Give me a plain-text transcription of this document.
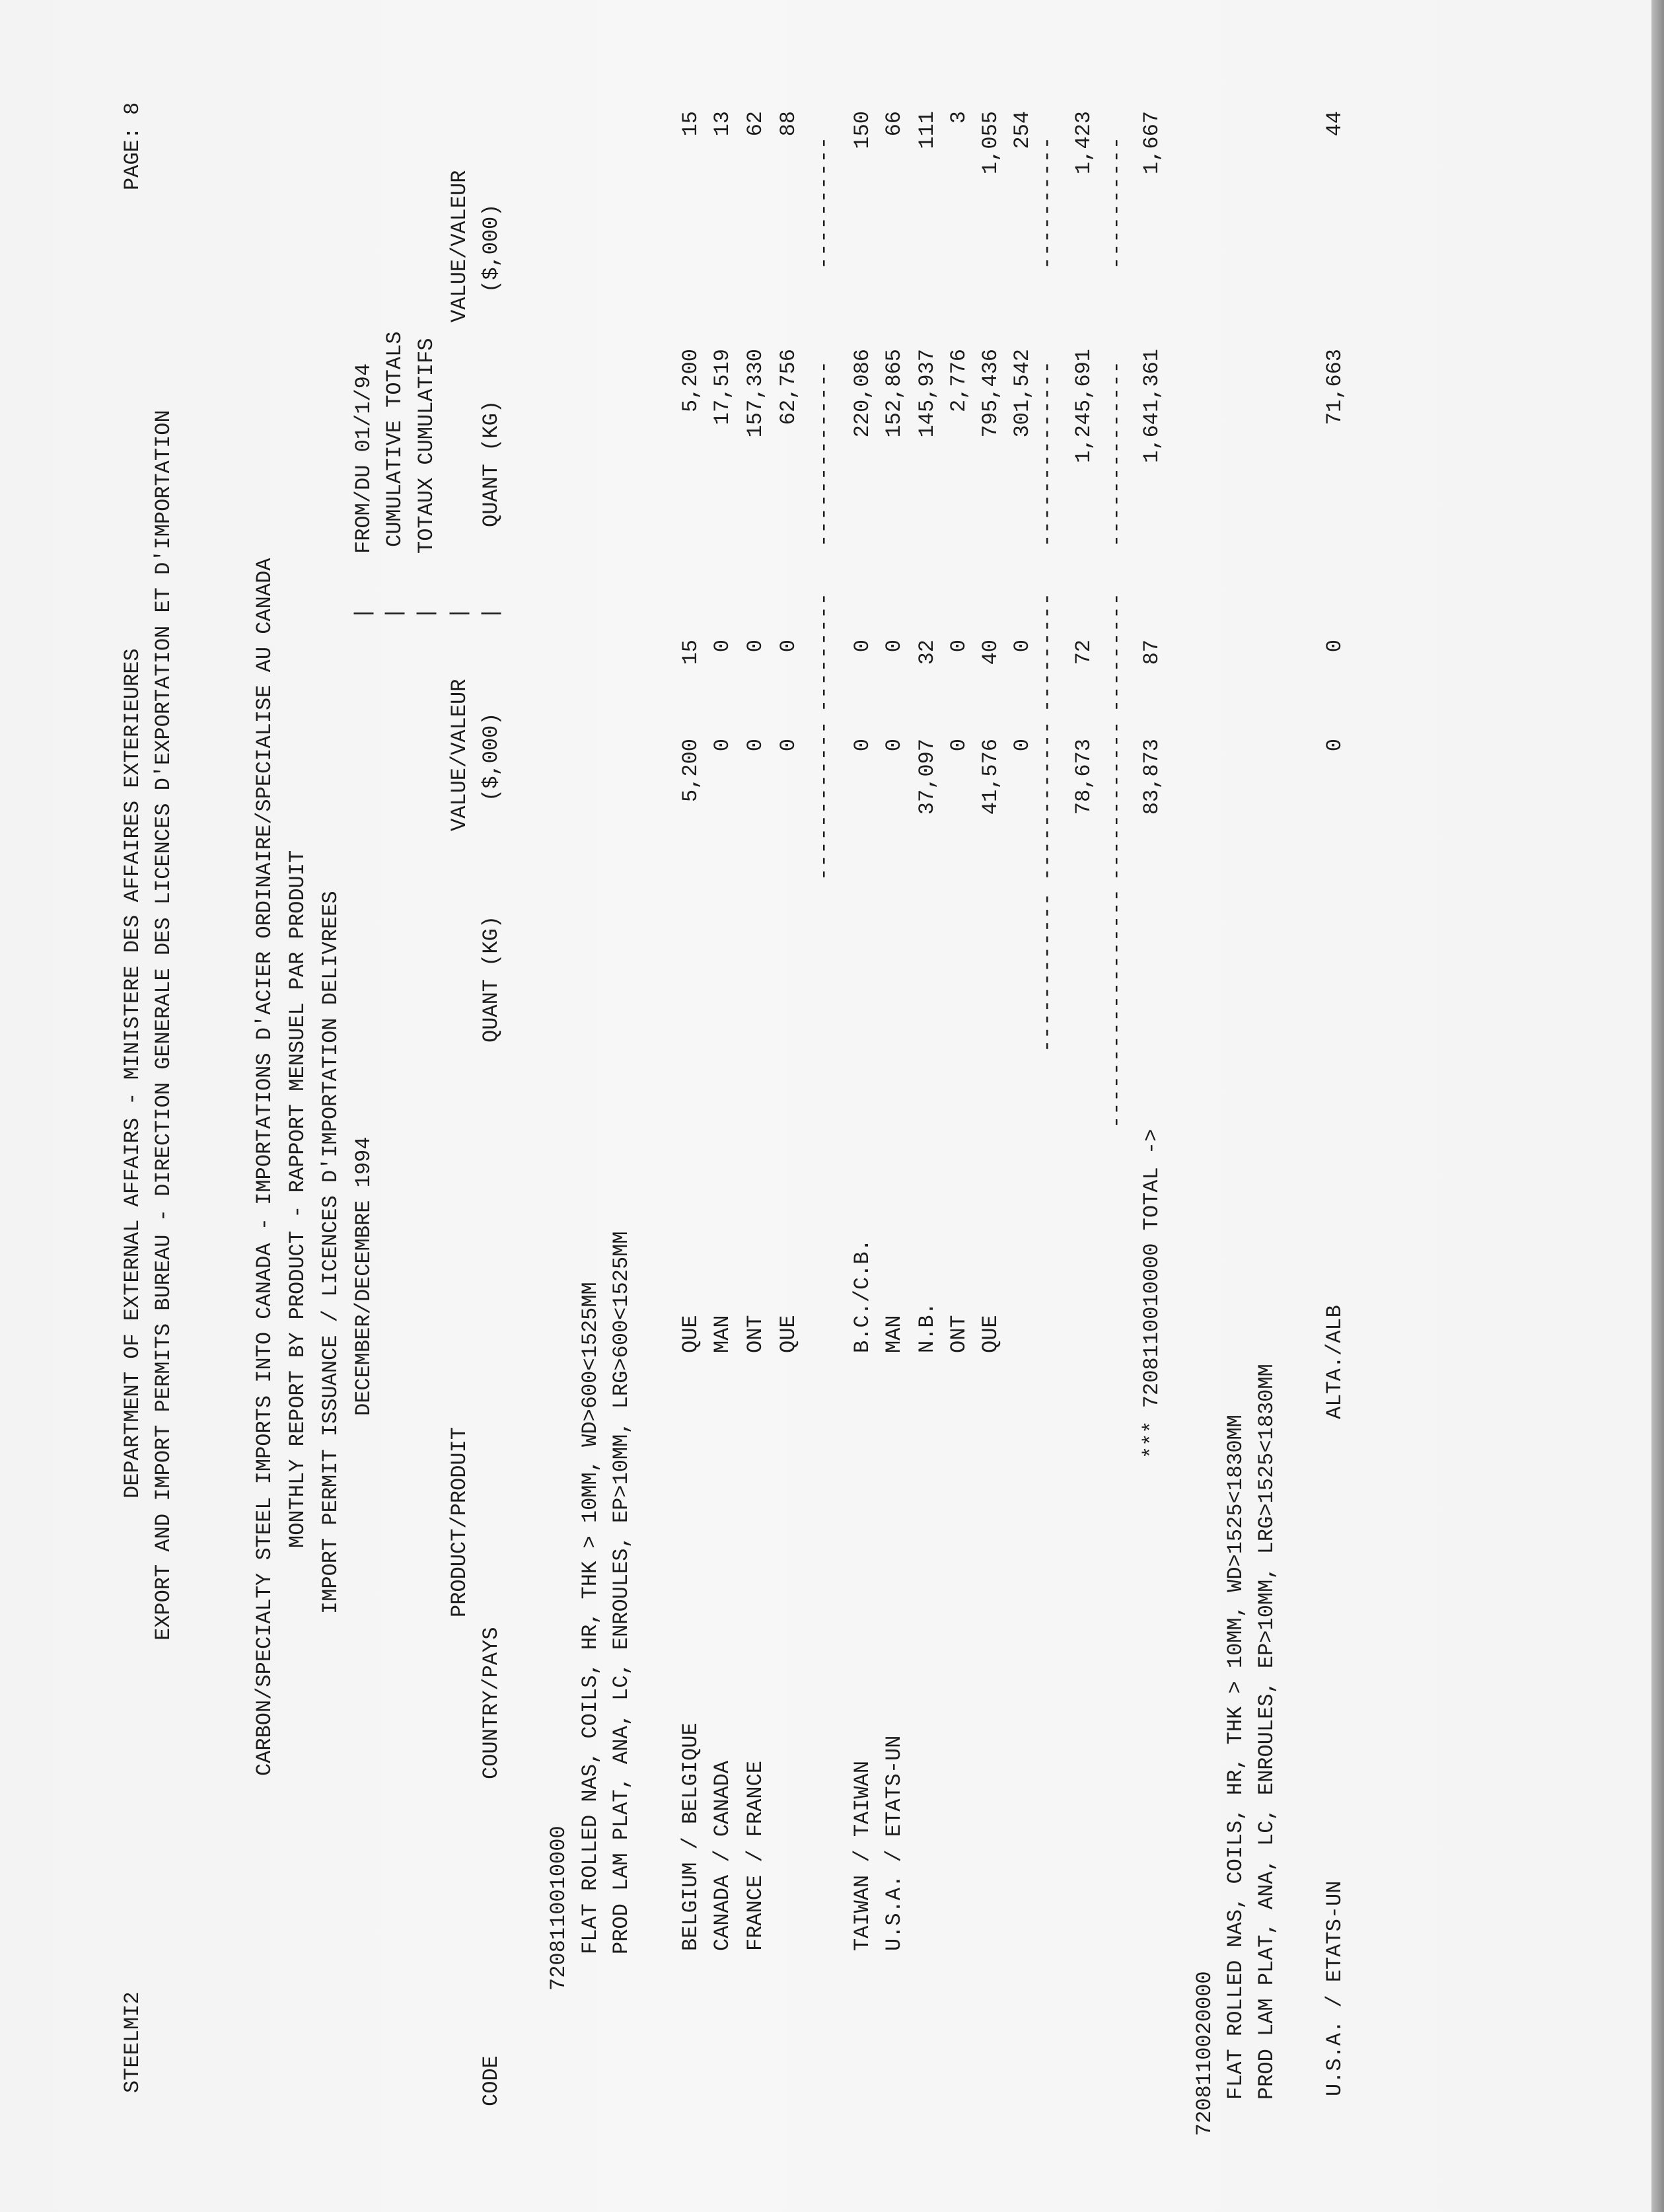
STEELMI2
DEPARTMENT OF EXTERNAL AFFAIRS - MINISTERE DES AFFAIRES EXTERIEURES
PAGE:
8
EXPORT AND IMPORT PERMITS BUREAU - DIRECTION GENERALE DES LICENCES D'EXPORTATION ET D'IMPORTATION	CARBON/SPECIALTY STEEL IMPORTS INTO CANADA - IMPORTATIONS D'ACIER ORDINAIRE/SPECIALISE AU CANADA MONTHLY REPORT BY PRODUCT - RAPPORT MENSUEL PAR PRODUIT IMPORT PERMIT ISSUANCE / LICENCES D'IMPORTATION DELIVREES DECEMBER/DECEMBRE 1994
|
FROM/DU 01/1/94
|
CUMULATIVE TOTALS
|
TOTAUX CUMULATIFS
PRODUCT/PRODUIT
VALUE/VALEUR
|
VALUE/VALEUR
CODE
COUNTRY/PAYS
QUANT (KG)
($,000)
|
QUANT (KG)
($,000)
7208110010000 FLAT ROLLED NAS, COILS, HR, THK > 10MM, WD>600<1525MM PROD LAM PLAT, ANA, LC, ENROULES, EP>10MM, LRG>600<1525MM BELGIUM / BELGIQUE
QUE
5,200
15
5,200
15
CANADA / CANADA
MAN
0
0
17,519
13
FRANCE / FRANCE
ONT
0
0
157,330
62
QUE
0
0
62,756
88
TAIWAN / TAIWAN
B.C./C.B.
0
0
220,086
150
U.S.A. / ETATS-UN
MAN
0
0
152,865
66
N.B.
37,097
32
145,937
111
ONT
0
0
2,776
3
QUE
41,576
40
795,436
1,055
0
0
301,542
254
------------
---------
--------------
----------
------------
------------
---------
--------------
----------
78,673
72
1,245,691
1,423
------------------
------------
---------
--------------
----------
*** 7208110010000 TOTAL ->
83,873
87
1,641,361
1,667
7208110020000 FLAT ROLLED NAS, COILS, HR, THK > 10MM, WD>1525<1830MM PROD LAM PLAT, ANA, LC, ENROULES, EP>10MM, LRG>1525<1830MM U.S.A. / ETATS-UN
ALTA./ALB
0
0
71,663
44
